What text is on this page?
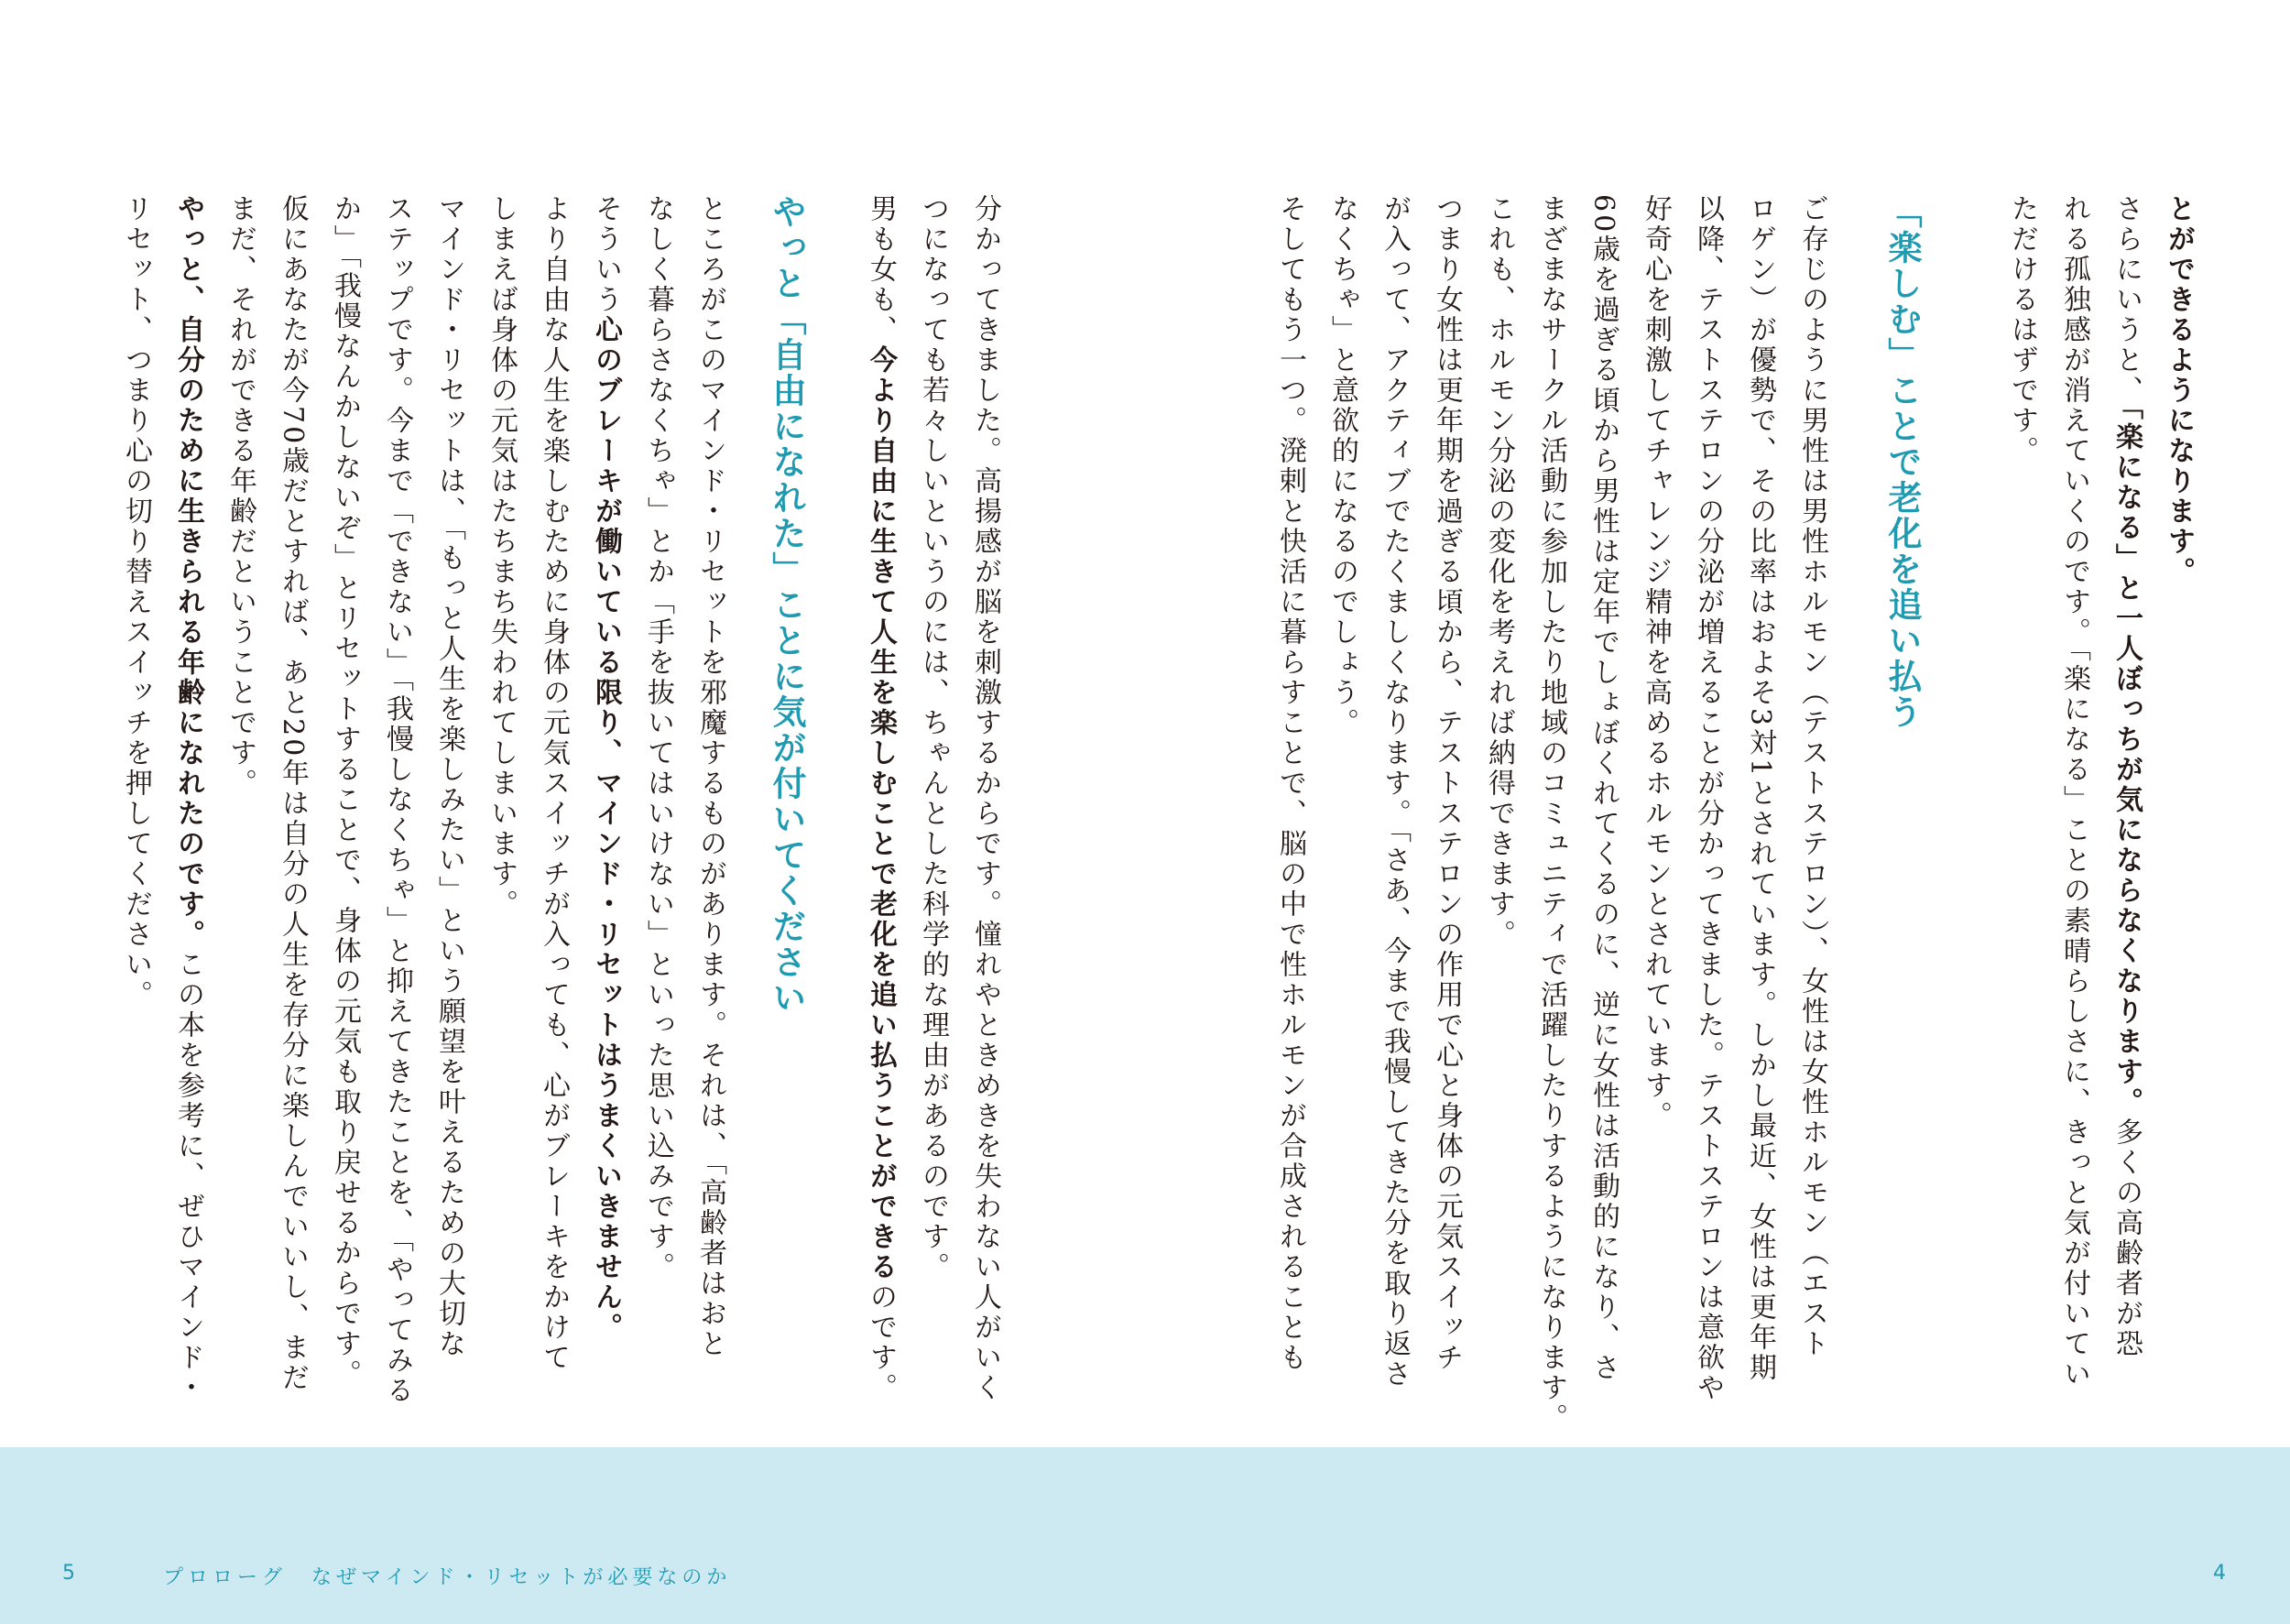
とができるようになります。
さらにいうと、「楽になる」と一人ぼっちが気にならなくなります。多くの高齢者が恐
れる孤独感が消えていくのです。「楽になる」ことの素晴らしさに、きっと気が付いてい
ただけるはずです。
「楽しむ」ことで老化を追い払う
ご存じのように男性は男性ホルモン（テストステロン）、女性は女性ホルモン（エスト
ロゲン）が優勢で、その比率はおよそ3対1とされています。しかし最近、女性は更年期
以降、テストステロンの分泌が増えることが分かってきました。テストステロンは意欲や
好奇心を刺激してチャレンジ精神を高めるホルモンとされています。
60歳を過ぎる頃から男性は定年でしょぼくれてくるのに、逆に女性は活動的になり、さ
まざまなサークル活動に参加したり地域のコミュニティで活躍したりするようになります。
これも、ホルモン分泌の変化を考えれば納得できます。
つまり女性は更年期を過ぎる頃から、テストステロンの作用で心と身体の元気スイッチ
が入って、アクティブでたくましくなります。「さあ、今まで我慢してきた分を取り返さ
なくちゃ」と意欲的になるのでしょう。
そしてもう一つ。溌剌と快活に暮らすことで、脳の中で性ホルモンが合成されることも
分かってきました。高揚感が脳を刺激するからです。憧れやときめきを失わない人がいく
つになっても若々しいというのには、ちゃんとした科学的な理由があるのです。
男も女も、今より自由に生きて人生を楽しむことで老化を追い払うことができるのです。
やっと「自由になれた」ことに気が付いてください
ところがこのマインド・リセットを邪魔するものがあります。それは、「高齢者はおと
なしく暮らさなくちゃ」とか「手を抜いてはいけない」といった思い込みです。
そういう心のブレーキが働いている限り、マインド・リセットはうまくいきません。
より自由な人生を楽しむために身体の元気スイッチが入っても、心がブレーキをかけて
しまえば身体の元気はたちまち失われてしまいます。
マインド・リセットは、「もっと人生を楽しみたい」という願望を叶えるための大切な
ステップです。今まで「できない」「我慢しなくちゃ」と抑えてきたことを、「やってみる
か」「我慢なんかしないぞ」とリセットすることで、身体の元気も取り戻せるからです。
仮にあなたが今70歳だとすれば、あと20年は自分の人生を存分に楽しんでいいし、まだ
まだ、それができる年齢だということです。
やっと、自分のために生きられる年齢になれたのです。この本を参考に、ぜひマインド・
リセット、つまり心の切り替えスイッチを押してください。
5	プロローグ　なぜマインド・リセットが必要なのか	4
